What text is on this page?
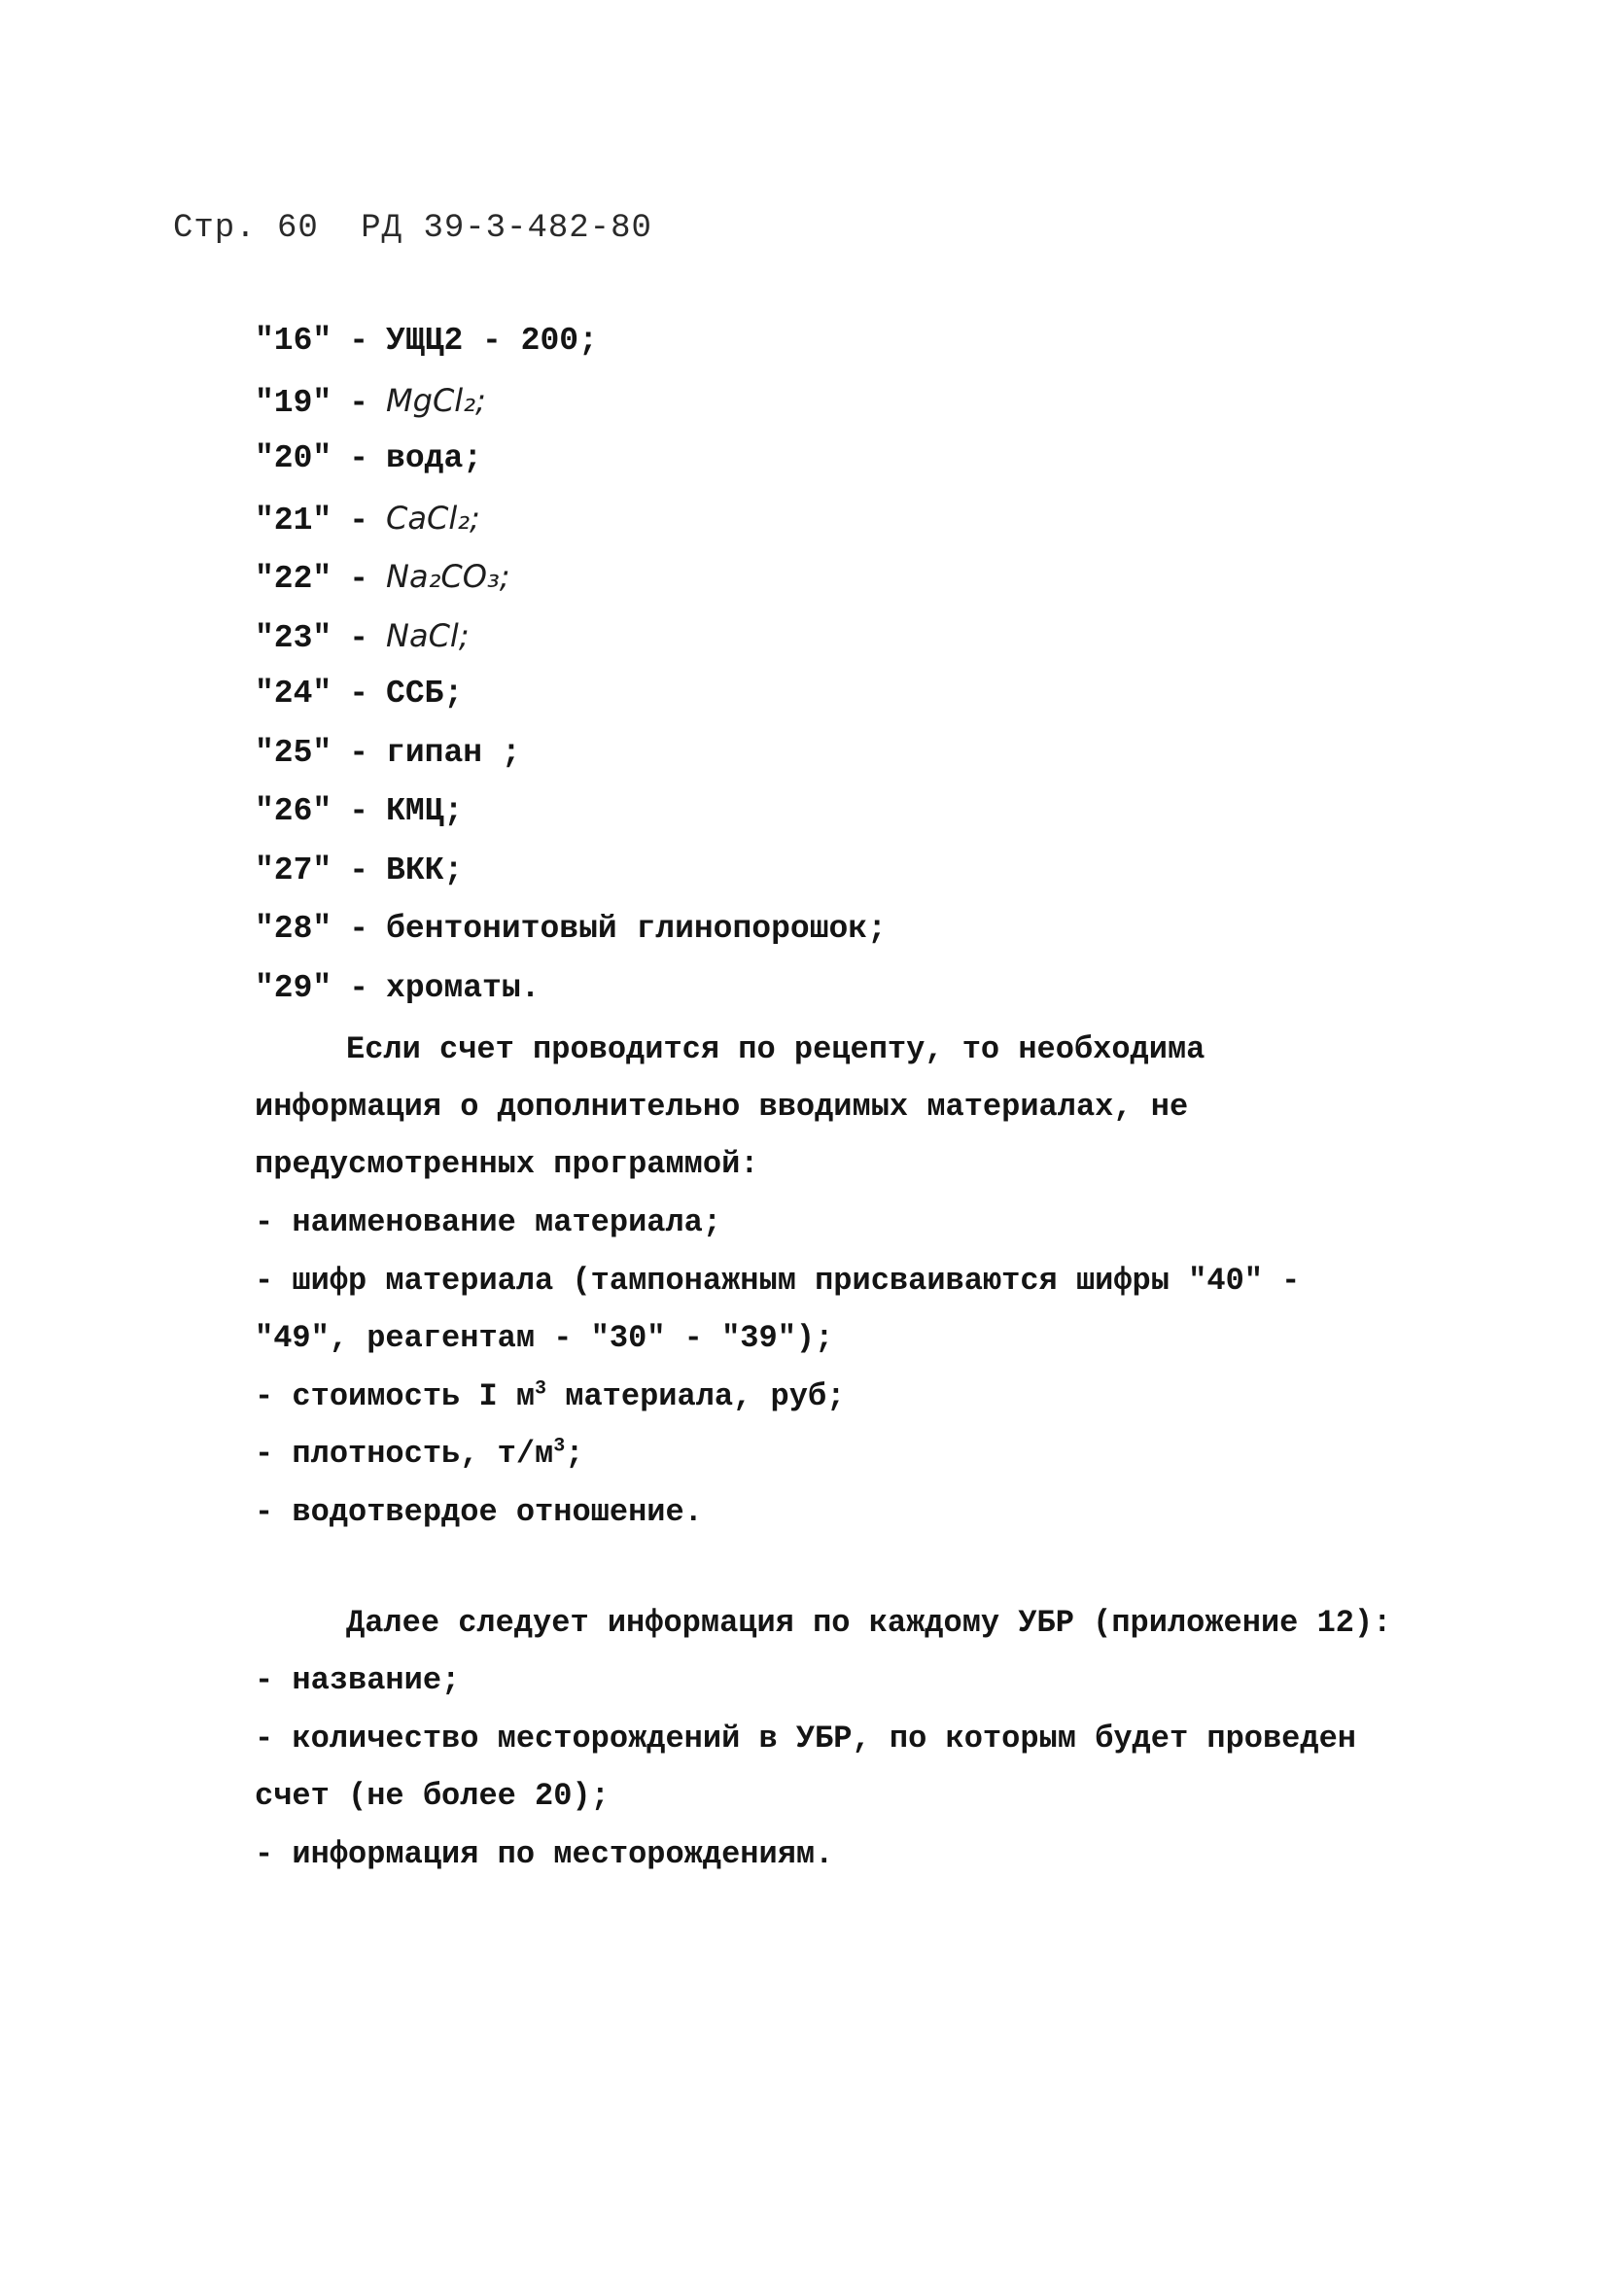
Стр. 60 РД 39-3-482-80
"16" - УЩЦ2 - 200;
"19" - MgCl₂;
"20" - вода;
"21" - CaCl₂;
"22" - Na₂CO₃;
"23" - NaCl;
"24" - ССБ;
"25" - гипан ;
"26" - КМЦ;
"27" - ВКК;
"28" - бентонитовый глинопорошок;
"29" - хроматы.

Если счет проводится по рецепту, то необходима информация о дополнительно вводимых материалах, не предусмотренных программой:

- наименование материала;
- шифр материала (тампонажным присваиваются шифры "40" - "49", реагентам - "30" - "39");
- стоимость I $м^3$ материала, руб;
- плотность, $т/м^3$;
- водотвердое отношение.

Далее следует информация по каждому УБР (приложение 12):

- название;
- количество месторождений в УБР, по которым будет проведен счет (не более 20);
- информация по месторождениям.
